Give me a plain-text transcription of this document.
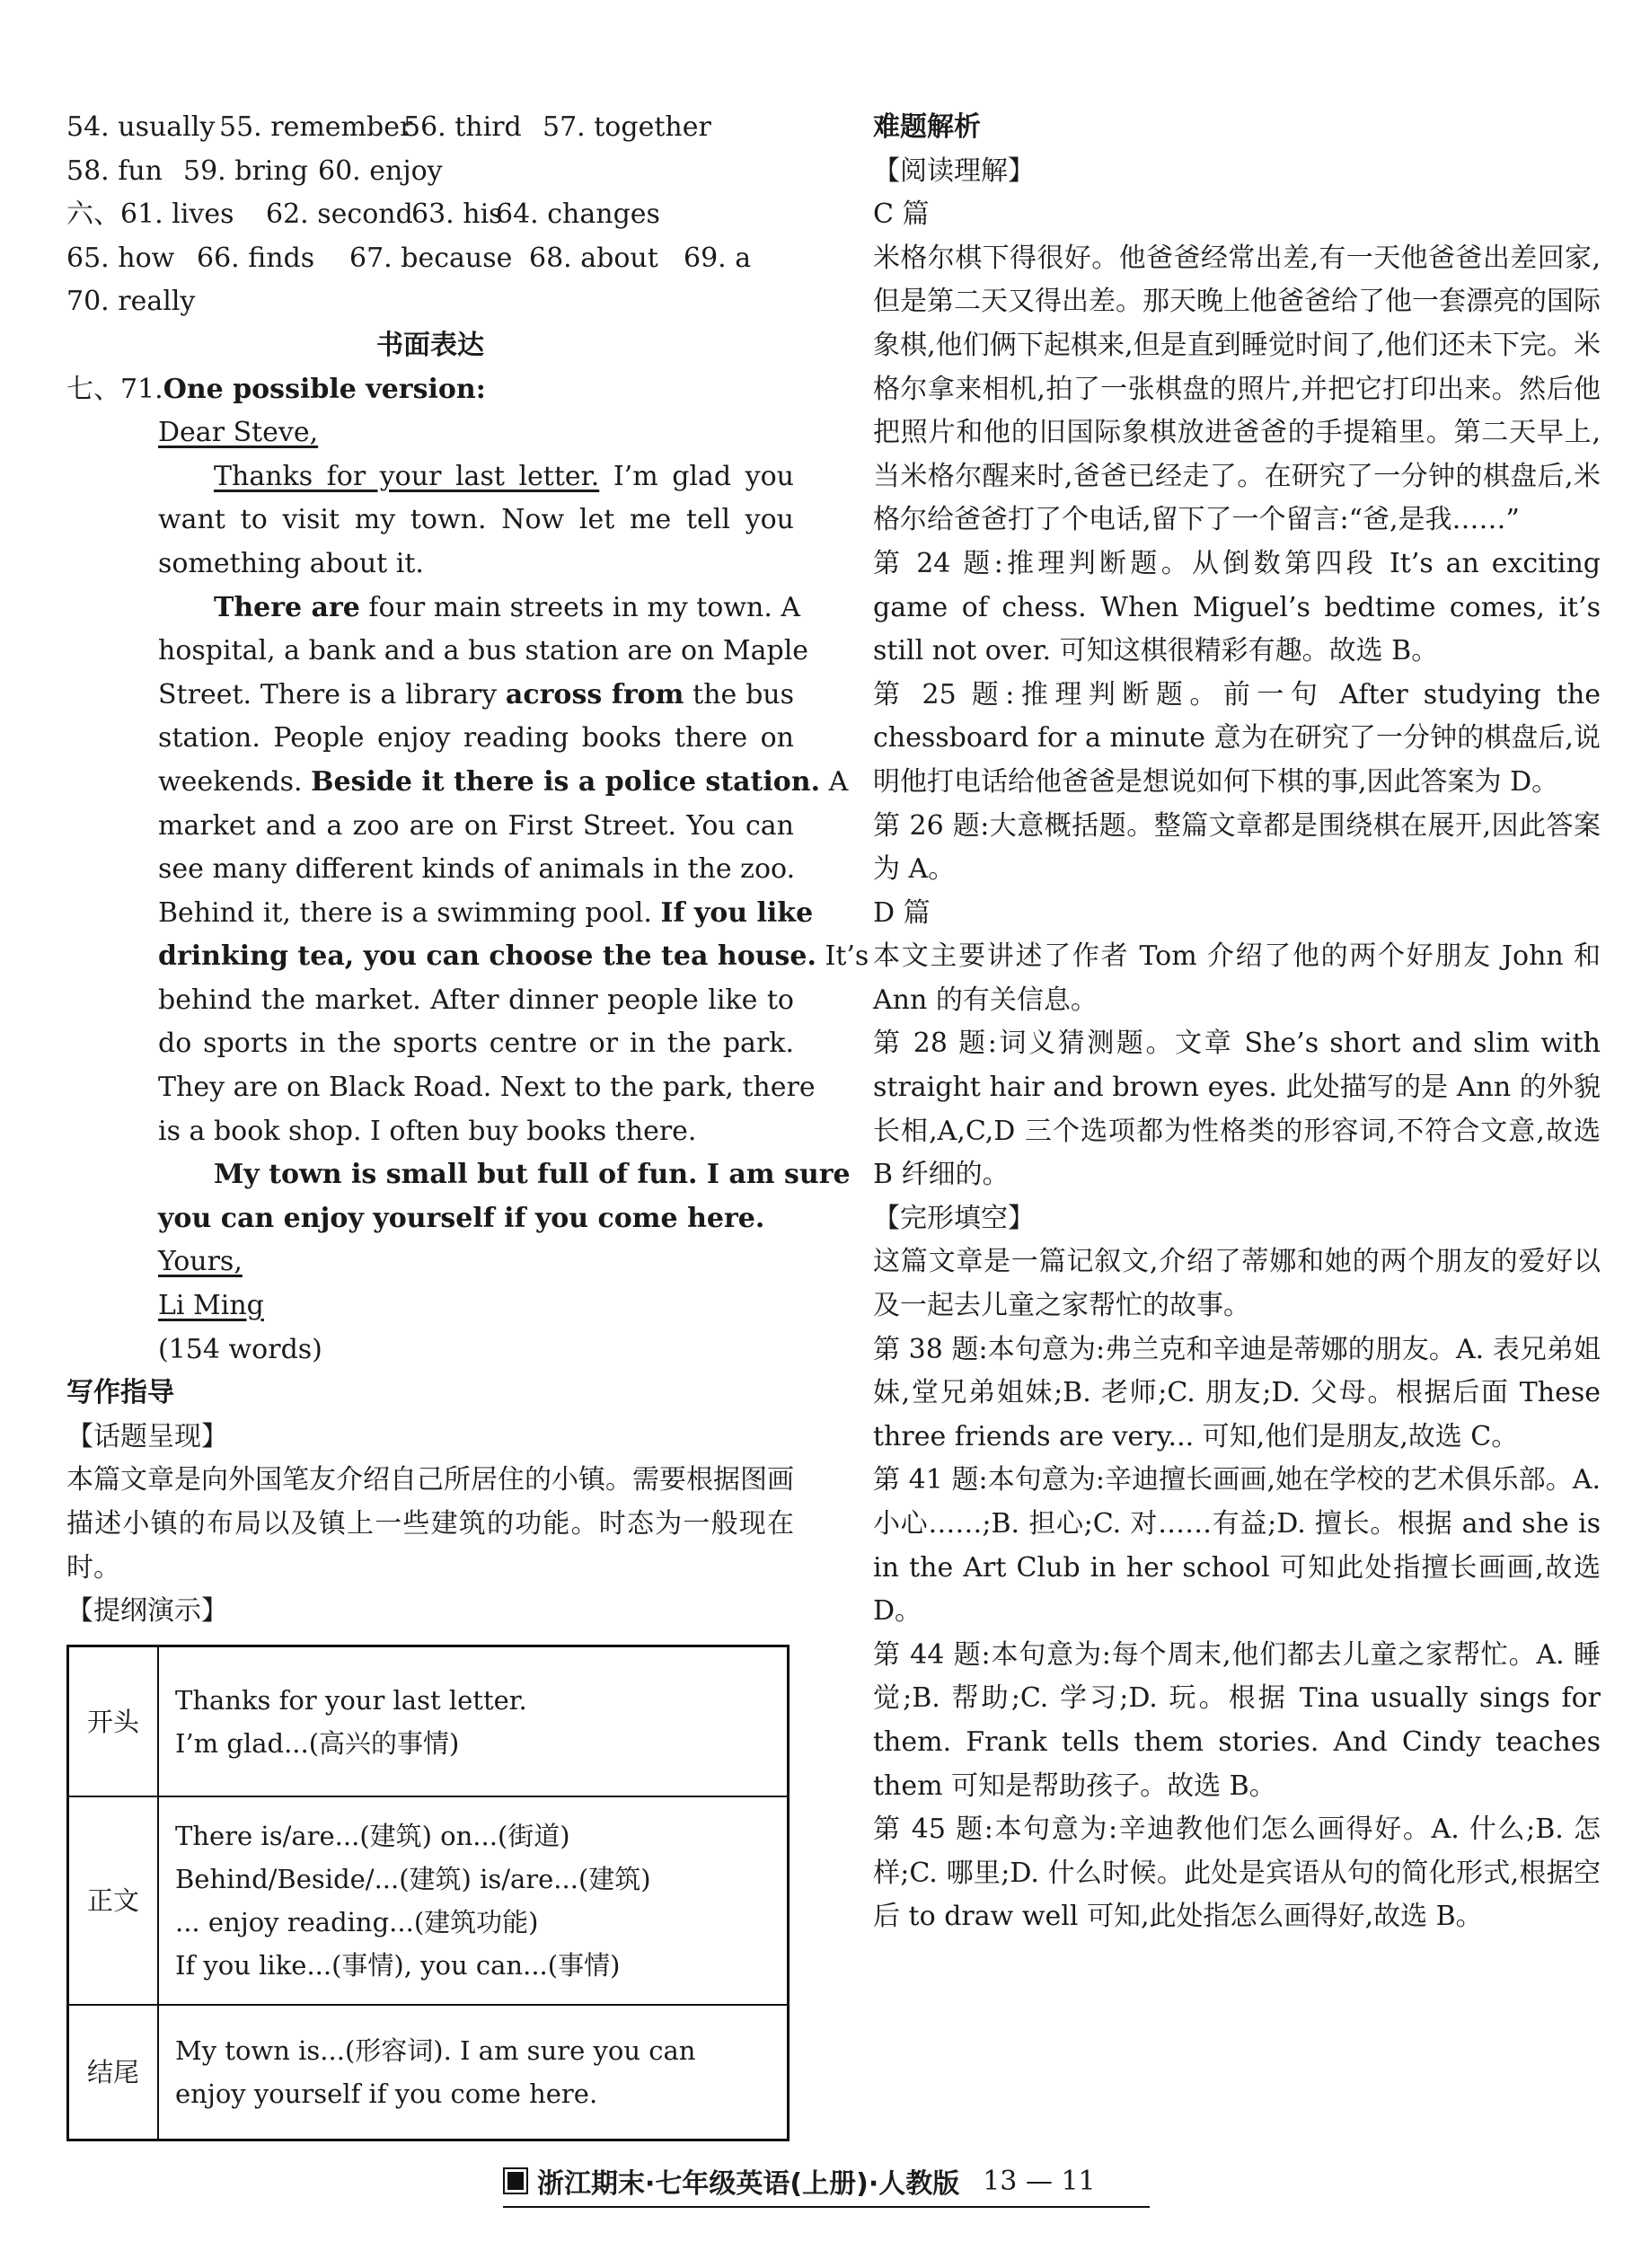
54. usually 55. remember56. third 57. together
58. fun 59. bring 60. enjoy
六、61. lives 62. second63. his64. changes
65. how 66. finds 67. because 68. about 69. a
70. really
书面表达
七、71.One possible version:
Dear Steve,
Thanks for your last letter. I’m glad you
want to visit my town. Now let me tell you
something about it.
There are four main streets in my town. A
hospital, a bank and a bus station are on Maple
Street. There is a library across from the bus
station. People enjoy reading books there on
weekends. Beside it there is a police station. A
market and a zoo are on First Street. You can
see many different kinds of animals in the zoo.
Behind it, there is a swimming pool. If you like
drinking tea, you can choose the tea house. It’s
behind the market. After dinner people like to
do sports in the sports centre or in the park.
They are on Black Road. Next to the park, there
is a book shop. I often buy books there.
My town is small but full of fun. I am sure
you can enjoy yourself if you come here.
Yours,
Li Ming
(154 words)
写作指导
【话题呈现】
本篇文章是向外国笔友介绍自己所居住的小镇。需要根据图画描述小镇的布局以及镇上一些建筑的功能。时态为一般现在时。
【提纲演示】
开头	Thanks for your last letter.
I’m glad...(高兴的事情)

正文	There is/are...(建筑) on...(街道)
Behind/Beside/...(建筑) is/are...(建筑)
... enjoy reading...(建筑功能)
If you like...(事情), you can...(事情)

结尾	My town is...(形容词). I am sure you can
enjoy yourself if you come here.
难题解析
【阅读理解】
C 篇
米格尔棋下得很好。他爸爸经常出差,有一天他爸爸出差回家,但是第二天又得出差。那天晚上他爸爸给了他一套漂亮的国际象棋,他们俩下起棋来,但是直到睡觉时间了,他们还未下完。米格尔拿来相机,拍了一张棋盘的照片,并把它打印出来。然后他把照片和他的旧国际象棋放进爸爸的手提箱里。第二天早上,当米格尔醒来时,爸爸已经走了。在研究了一分钟的棋盘后,米格尔给爸爸打了个电话,留下了一个留言:“爸,是我……”
第 24 题:推理判断题。从倒数第四段 It’s an exciting game of chess. When Miguel’s bedtime comes, it’s still not over. 可知这棋很精彩有趣。故选 B。
第 25 题:推理判断题。前一句 After studying the chessboard for a minute 意为在研究了一分钟的棋盘后,说明他打电话给他爸爸是想说如何下棋的事,因此答案为 D。
第 26 题:大意概括题。整篇文章都是围绕棋在展开,因此答案为 A。
D 篇
本文主要讲述了作者 Tom 介绍了他的两个好朋友 John 和 Ann 的有关信息。
第 28 题:词义猜测题。文章 She’s short and slim with straight hair and brown eyes. 此处描写的是 Ann 的外貌长相,A,C,D 三个选项都为性格类的形容词,不符合文意,故选 B 纤细的。
【完形填空】
这篇文章是一篇记叙文,介绍了蒂娜和她的两个朋友的爱好以及一起去儿童之家帮忙的故事。
第 38 题:本句意为:弗兰克和辛迪是蒂娜的朋友。A. 表兄弟姐妹,堂兄弟姐妹;B. 老师;C. 朋友;D. 父母。根据后面 These three friends are very... 可知,他们是朋友,故选 C。
第 41 题:本句意为:辛迪擅长画画,她在学校的艺术俱乐部。A. 小心……;B. 担心;C. 对……有益;D. 擅长。根据 and she is in the Art Club in her school 可知此处指擅长画画,故选 D。
第 44 题:本句意为:每个周末,他们都去儿童之家帮忙。A. 睡觉;B. 帮助;C. 学习;D. 玩。根据 Tina usually sings for them. Frank tells them stories. And Cindy teaches them 可知是帮助孩子。故选 B。
第 45 题:本句意为:辛迪教他们怎么画得好。A. 什么;B. 怎样;C. 哪里;D. 什么时候。此处是宾语从句的简化形式,根据空后 to draw well 可知,此处指怎么画得好,故选 B。
浙江期末·七年级英语(上册)·人教版 13 — 11
